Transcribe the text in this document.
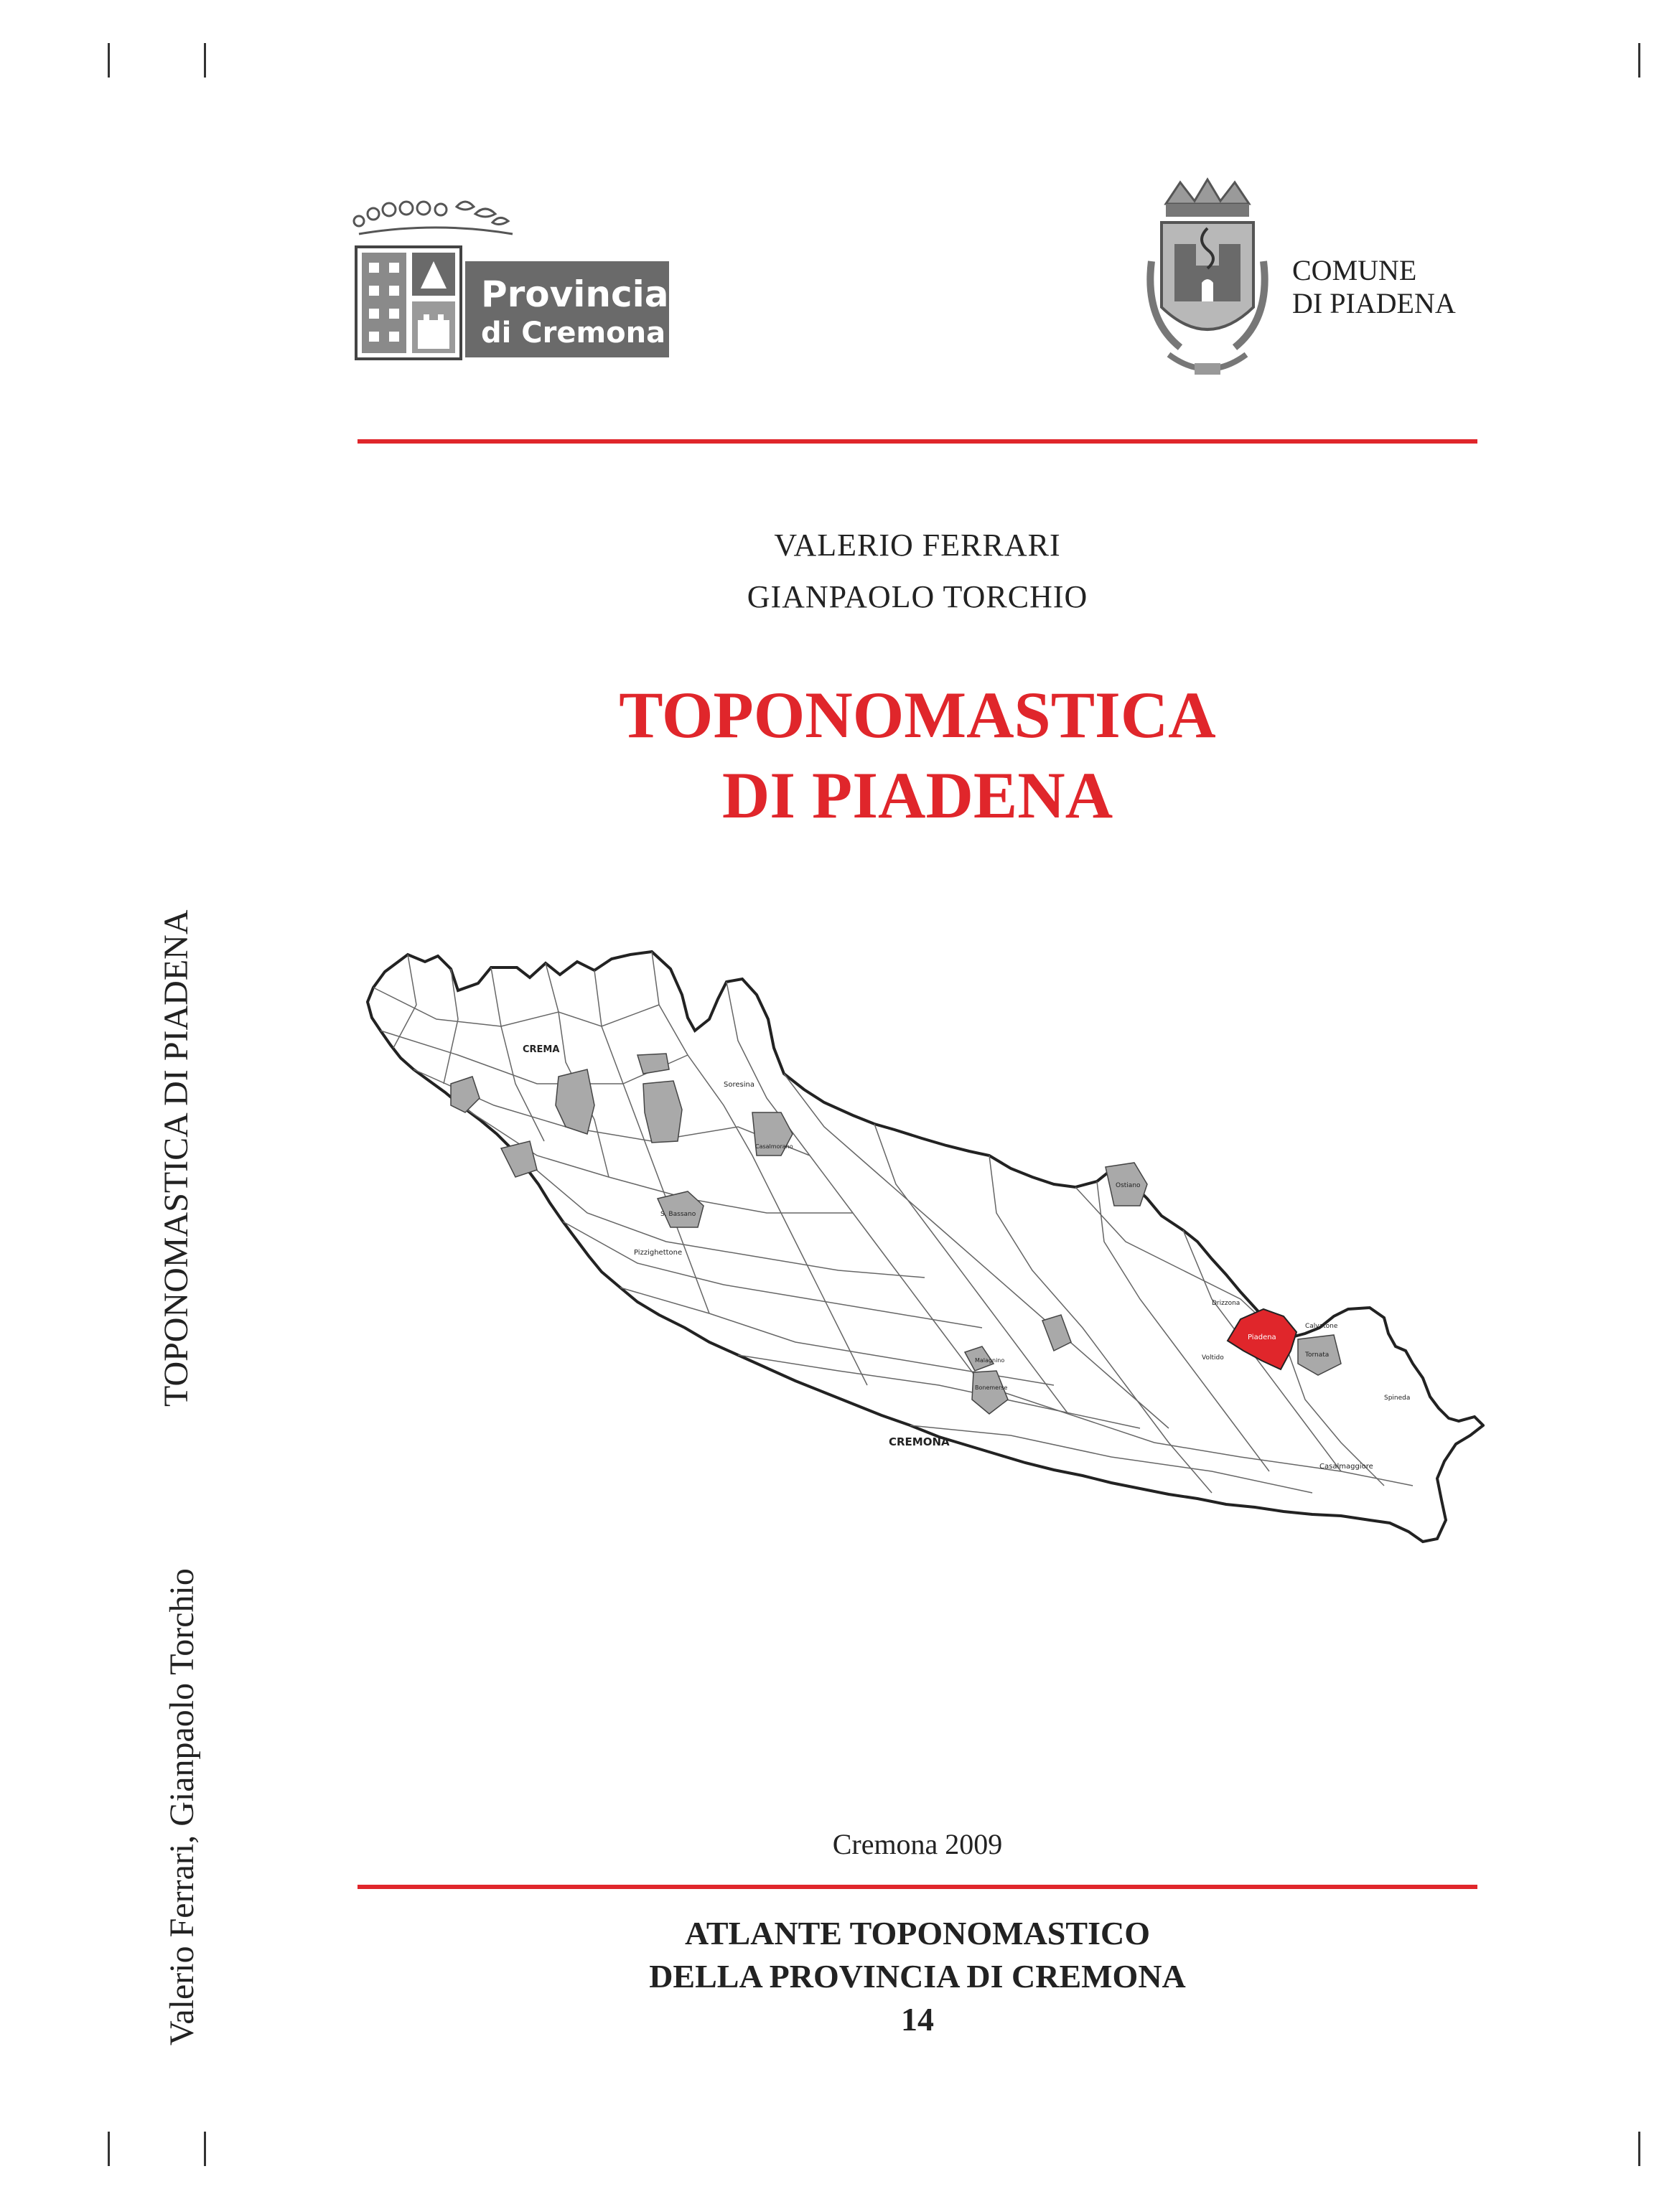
TOPONOMASTICA DI PIADENA
Valerio Ferrari, Gianpaolo Torchio
Provincia
di Cremona
COMUNE
DI PIADENA
VALERIO FERRARI
GIANPAOLO TORCHIO
TOPONOMASTICA
DI PIADENA
CREMA
CREMONA
Piadena
Tornata
Calvatone
Drizzona
Voltido
Ostiano
Casalmaggiore
Pizzighettone
Soresina
Spineda
Malagnino
Bonemerse
Casalmorano
S. Bassano
Cremona 2009
ATLANTE TOPONOMASTICO
DELLA PROVINCIA DI CREMONA
14
